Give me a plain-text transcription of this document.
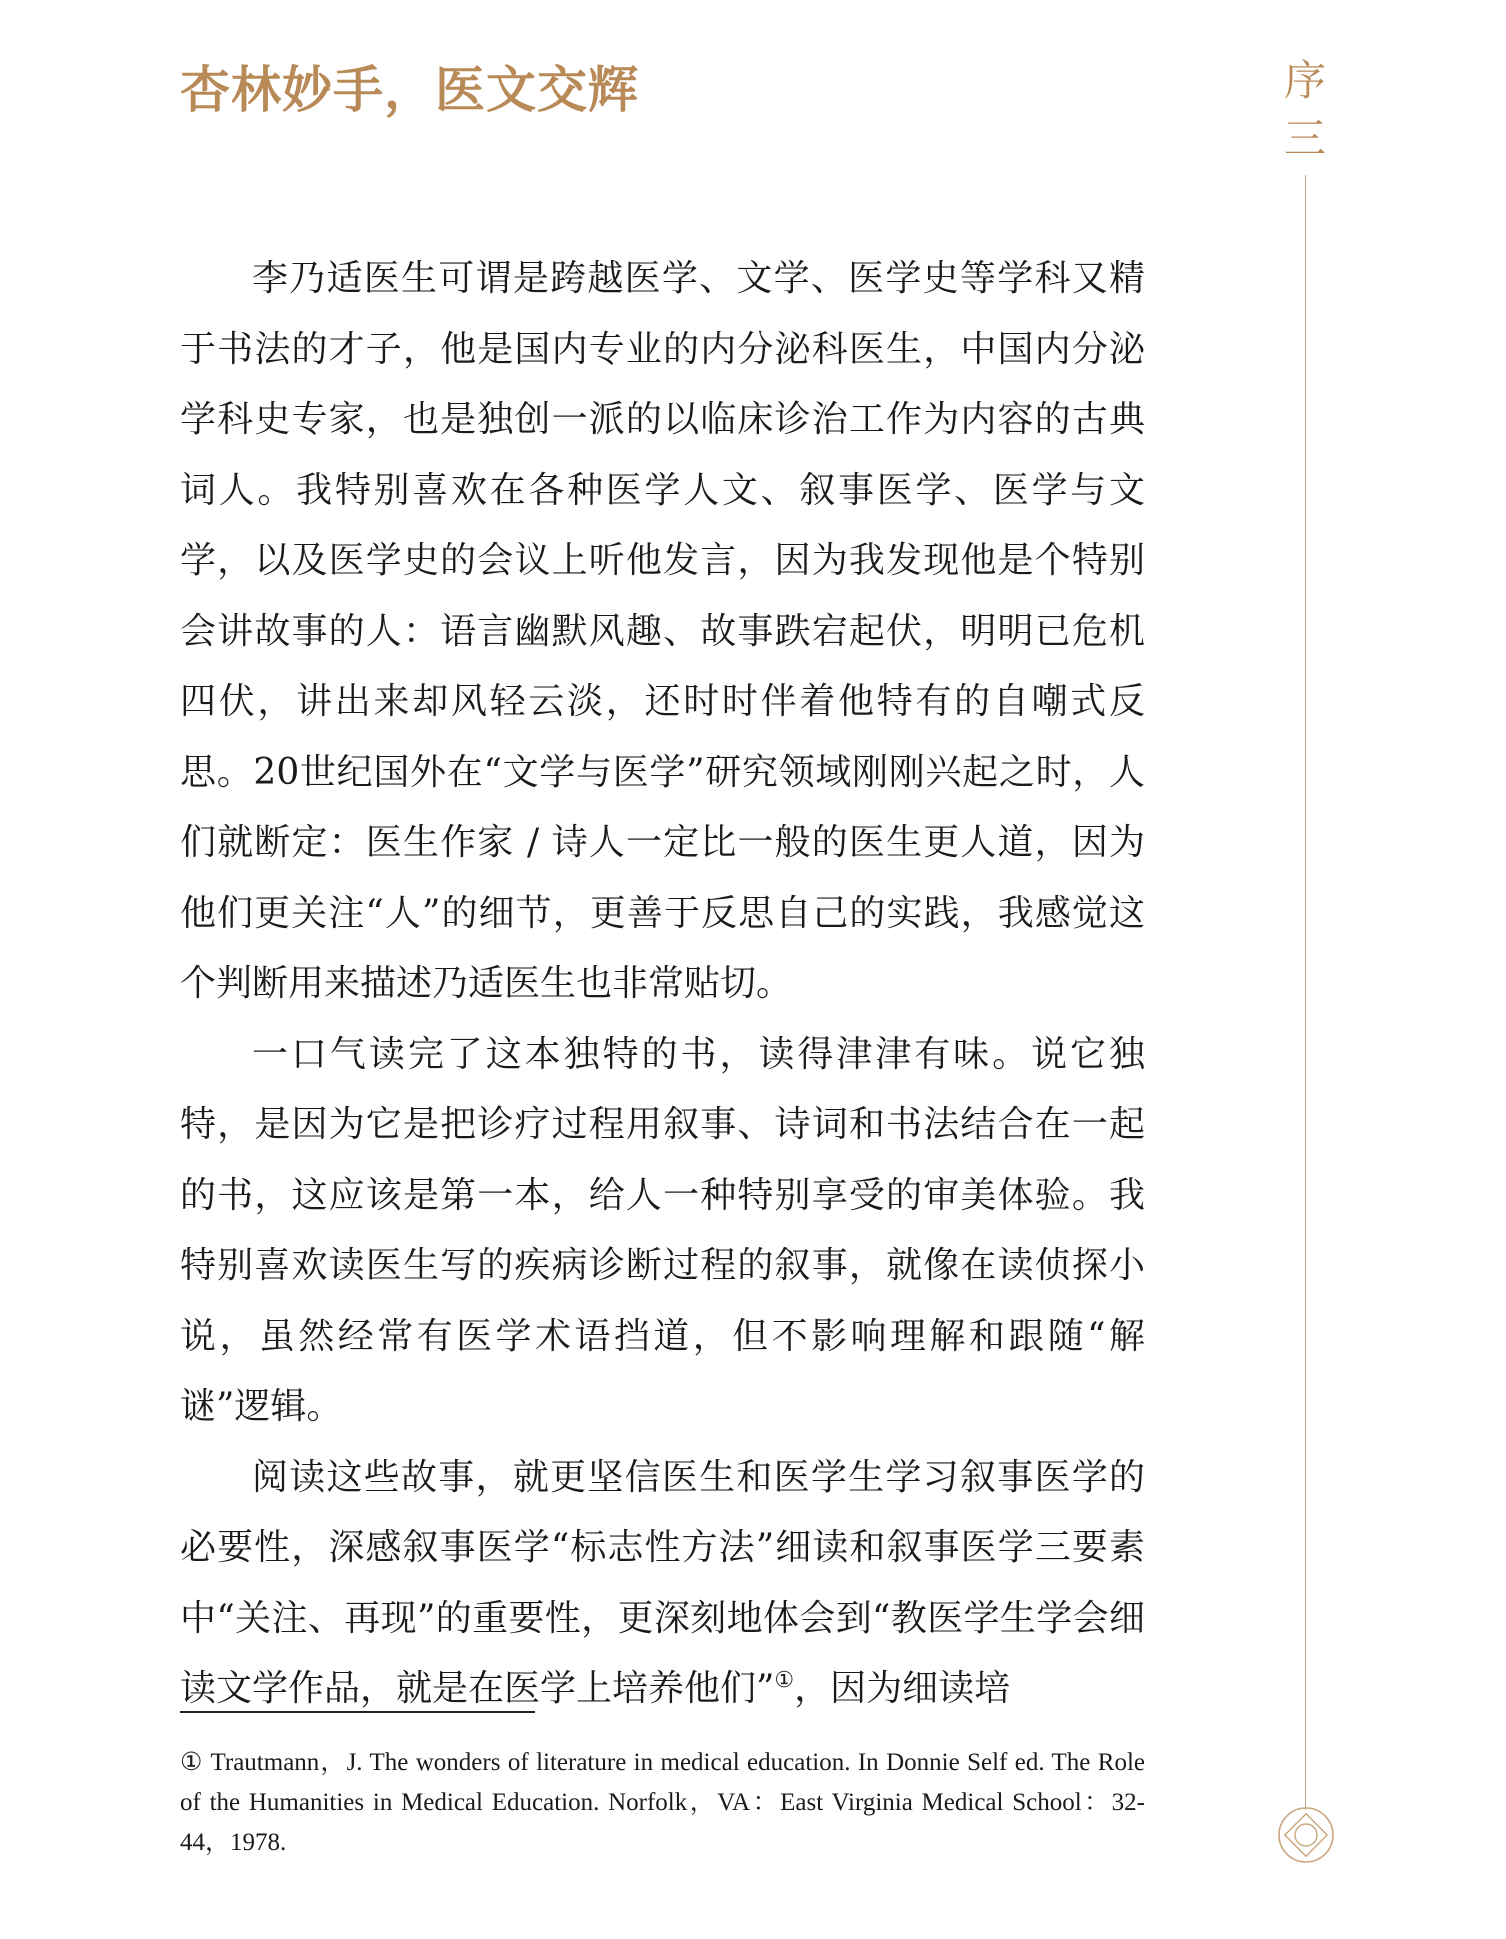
杏林妙手，医文交辉	序
三

李乃适医生可谓是跨越医学、文学、医学史等学科又精于书法的才子，他是国内专业的内分泌科医生，中国内分泌学科史专家，也是独创一派的以临床诊治工作为内容的古典词人。我特别喜欢在各种医学人文、叙事医学、医学与文学，以及医学史的会议上听他发言，因为我发现他是个特别会讲故事的人：语言幽默风趣、故事跌宕起伏，明明已危机四伏，讲出来却风轻云淡，还时时伴着他特有的自嘲式反思。20世纪国外在“文学与医学”研究领域刚刚兴起之时，人们就断定：医生作家 / 诗人一定比一般的医生更人道，因为他们更关注“人”的细节，更善于反思自己的实践，我感觉这个判断用来描述乃适医生也非常贴切。

一口气读完了这本独特的书，读得津津有味。说它独特，是因为它是把诊疗过程用叙事、诗词和书法结合在一起的书，这应该是第一本，给人一种特别享受的审美体验。我特别喜欢读医生写的疾病诊断过程的叙事，就像在读侦探小说，虽然经常有医学术语挡道，但不影响理解和跟随“解谜”逻辑。

阅读这些故事，就更坚信医生和医学生学习叙事医学的必要性，深感叙事医学“标志性方法”细读和叙事医学三要素中“关注、再现”的重要性，更深刻地体会到“教医学生学会细读文学作品，就是在医学上培养他们”①，因为细读培

① Trautmann，J. The wonders of literature in medical education. In Donnie Self ed. The Role of the Humanities in Medical Education. Norfolk，VA：East Virginia Medical School：32-44，1978.
